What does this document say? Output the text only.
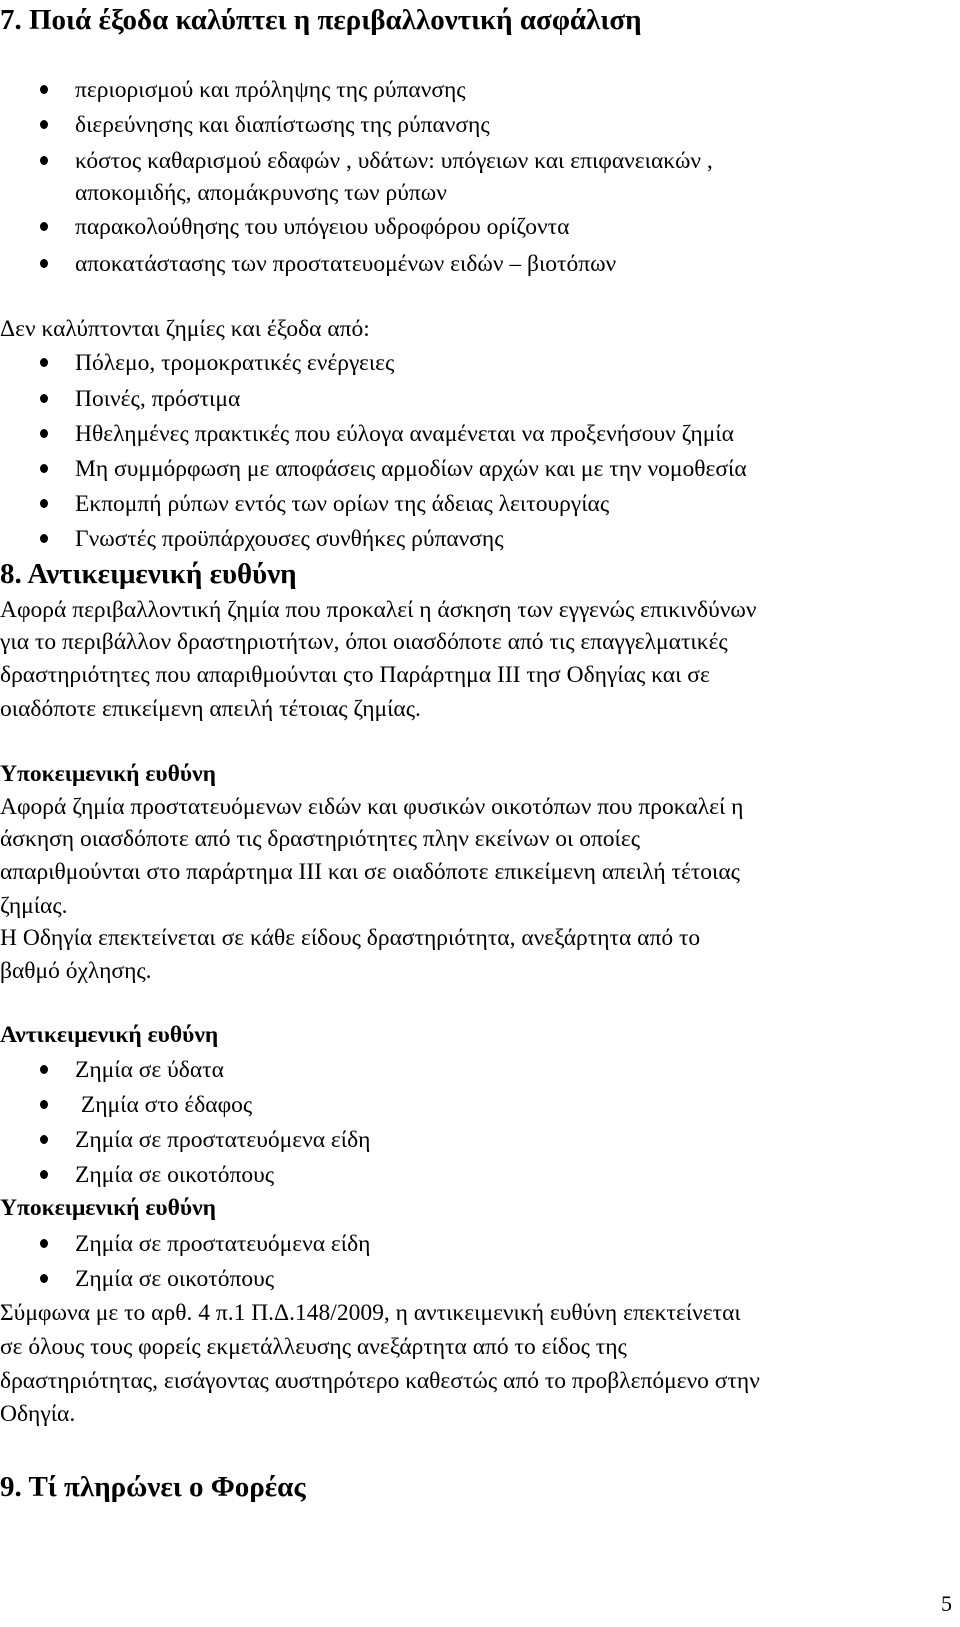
7. Ποιά έξοδα καλύπτει η περιβαλλοντική ασφάλιση
περιορισμού και πρόληψης της ρύπανσης
διερεύνησης και διαπίστωσης της ρύπανσης
κόστος καθαρισμού εδαφών , υδάτων: υπόγειων και επιφανειακών ,
αποκομιδής, απομάκρυνσης των ρύπων
παρακολούθησης του υπόγειου υδροφόρου ορίζοντα
αποκατάστασης των προστατευομένων ειδών – βιοτόπων
Δεν καλύπτονται ζημίες και έξοδα από:
Πόλεμο, τρομοκρατικές ενέργειες
Ποινές, πρόστιμα
Ηθελημένες πρακτικές που εύλογα αναμένεται να προξενήσουν ζημία
Μη συμμόρφωση με αποφάσεις αρμοδίων αρχών και με την νομοθεσία
Εκπομπή ρύπων εντός των ορίων της άδειας λειτουργίας
Γνωστές προϋπάρχουσες συνθήκες ρύπανσης
8. Αντικειμενική ευθύνη
Αφορά περιβαλλοντική ζημία που προκαλεί η άσκηση των εγγενώς επικινδύνων
για το περιβάλλον δραστηριοτήτων, όποι οιασδόποτε από τις επαγγελματικές
δραστηριότητες που απαριθμούνται ςτο Παράρτημα ΙΙΙ τησ Οδηγίας και σε
οιαδόποτε επικείμενη απειλή τέτοιας ζημίας.
Υποκειμενική ευθύνη
Αφορά ζημία προστατευόμενων ειδών και φυσικών οικοτόπων που προκαλεί η
άσκηση οιασδόποτε από τις δραστηριότητες πλην εκείνων οι οποίες
απαριθμούνται στο παράρτημα ΙΙΙ και σε οιαδόποτε επικείμενη απειλή τέτοιας
ζημίας.
Η Οδηγία επεκτείνεται σε κάθε είδους δραστηριότητα, ανεξάρτητα από το
βαθμό όχλησης.
Αντικειμενική ευθύνη
Ζημία σε ύδατα
Ζημία στο έδαφος
Ζημία σε προστατευόμενα είδη
Ζημία σε οικοτόπους
Υποκειμενική ευθύνη
Ζημία σε προστατευόμενα είδη
Ζημία σε οικοτόπους
Σύμφωνα με το αρθ. 4 π.1 Π.Δ.148/2009, η αντικειμενική ευθύνη επεκτείνεται
σε όλους τους φορείς εκμετάλλευσης ανεξάρτητα από το είδος της
δραστηριότητας, εισάγοντας αυστηρότερο καθεστώς από το προβλεπόμενο στην
Οδηγία.
9. Τί πληρώνει ο Φορέας
5
